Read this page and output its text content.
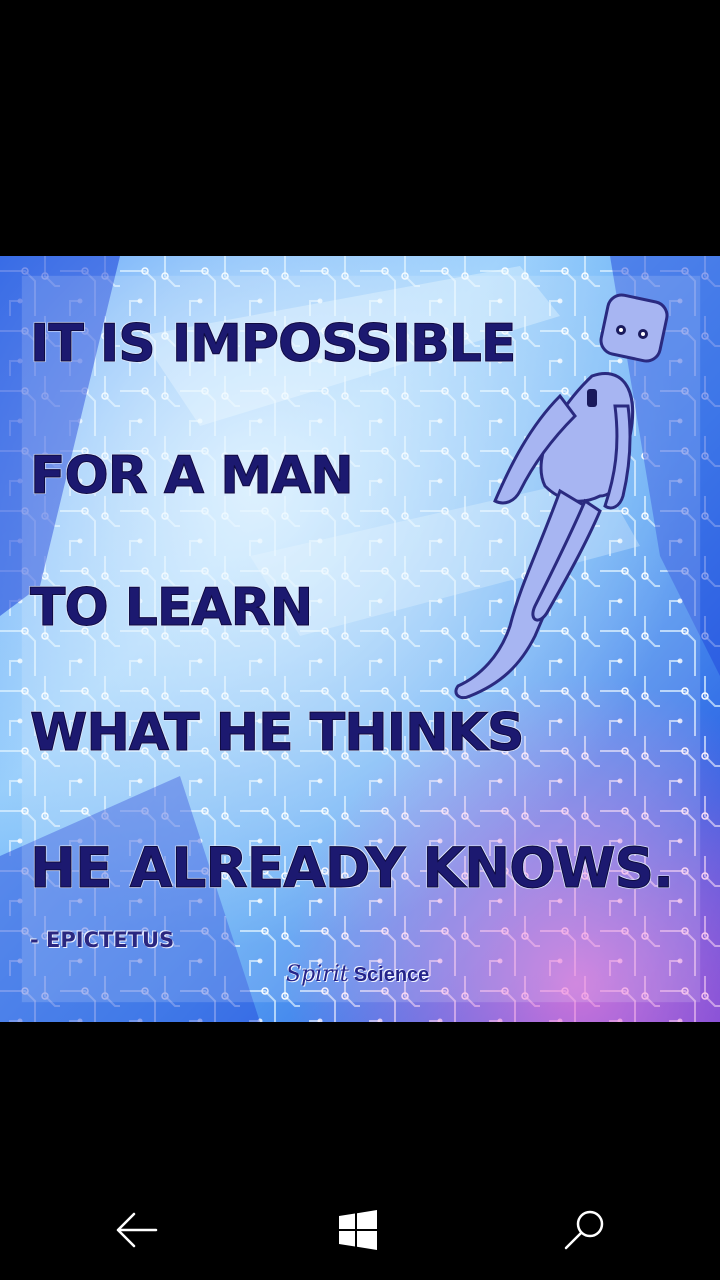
IT IS IMPOSSIBLE
FOR A MAN
TO LEARN
WHAT HE THINKS
HE ALREADY KNOWS.
- EPICTETUS
Spirit Science
